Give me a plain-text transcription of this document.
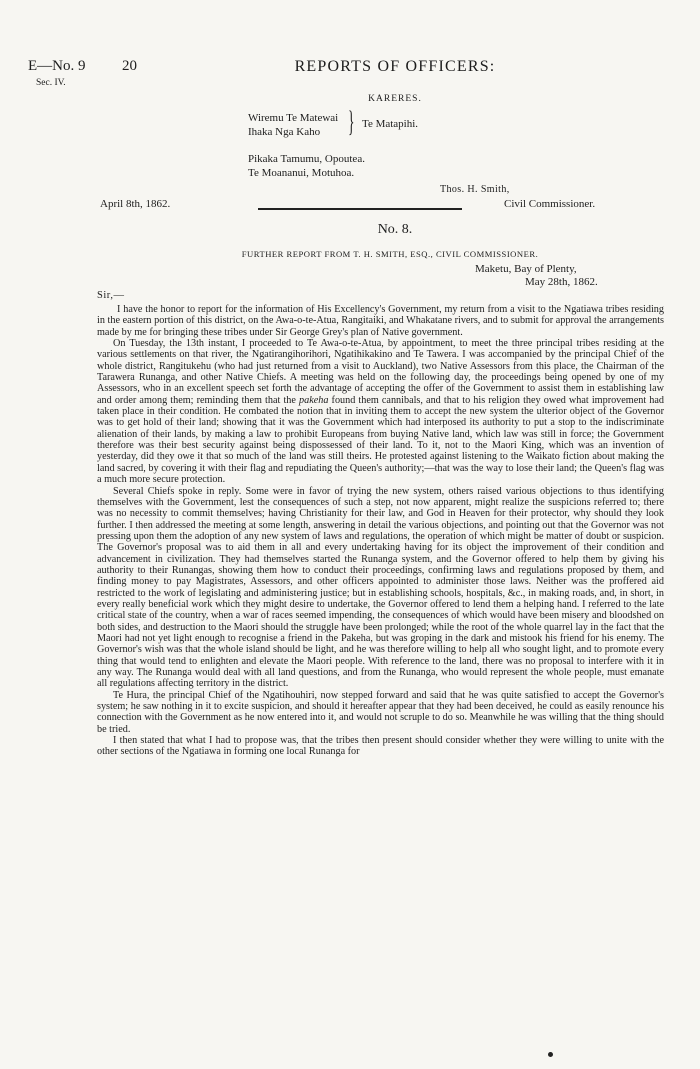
E—No. 9
Sec. IV.
20	REPORTS OF OFFICERS:
KARERES.
Wiremu Te Matewai
Ihaka Nga Kaho } Te Matapihi.
Pikaka Tamumu, Opoutea.
Te Moananui, Motuhoa.
Thos. H. Smith,
Civil Commissioner.
April 8th, 1862.
No. 8.
FURTHER REPORT FROM T. H. SMITH, ESQ., CIVIL COMMISSIONER.
Maketu, Bay of Plenty,
May 28th, 1862.
Sir,—

I have the honor to report for the information of His Excellency's Government, my return from a visit to the Ngatiawa tribes residing in the eastern portion of this district, on the Awa-o-te-Atua, Rangitaiki, and Whakatane rivers, and to submit for approval the arrangements made by me for bringing these tribes under Sir George Grey's plan of Native government.

On Tuesday, the 13th instant, I proceeded to Te Awa-o-te-Atua, by appointment, to meet the three principal tribes residing at the various settlements on that river, the Ngatirangihorihori, Ngatihikakino and Te Tawera. I was accompanied by the principal Chief of the whole district, Rangitukehu (who had just returned from a visit to Auckland), two Native Assessors from this place, the Chairman of the Tarawera Runanga, and other Native Chiefs. A meeting was held on the following day, the proceedings being opened by one of my Assessors, who in an excellent speech set forth the advantage of accepting the offer of the Government to assist them in establishing law and order among them; reminding them that the pakeha found them cannibals, and that to his religion they owed what improvement had taken place in their condition. He combated the notion that in inviting them to accept the new system the ulterior object of the Governor was to get hold of their land; showing that it was the Government which had interposed its authority to put a stop to the indiscriminate alienation of their lands, by making a law to prohibit Europeans from buying Native land, which law was still in force; the Government therefore was their best security against being dispossessed of their land. To it, not to the Maori King, which was an invention of yesterday, did they owe it that so much of the land was still theirs. He protested against listening to the Waikato fiction about making the land sacred, by covering it with their flag and repudiating the Queen's authority;—that was the way to lose their land; the Queen's flag was a much more secure protection.

Several Chiefs spoke in reply. Some were in favor of trying the new system, others raised various objections to thus identifying themselves with the Government, lest the consequences of such a step, not now apparent, might realize the suspicions referred to; there was no necessity to commit themselves; having Christianity for their law, and God in Heaven for their protector, why should they look further. I then addressed the meeting at some length, answering in detail the various objections, and pointing out that the Governor was not pressing upon them the adoption of any new system of laws and regulations, the operation of which might be matter of doubt or suspicion. The Governor's proposal was to aid them in all and every undertaking having for its object the improvement of their condition and advancement in civilization. They had themselves started the Runanga system, and the Governor offered to help them by giving his authority to their Runangas, showing them how to conduct their proceedings, confirming laws and regulations proposed by them, and finding money to pay Magistrates, Assessors, and other officers appointed to administer those laws. Neither was the proffered aid restricted to the work of legislating and administering justice; but in establishing schools, hospitals, &c., in making roads, and, in short, in every really beneficial work which they might desire to undertake, the Governor offered to lend them a helping hand. I referred to the late critical state of the country, when a war of races seemed impending, the consequences of which would have been misery and bloodshed on both sides, and destruction to the Maori should the struggle have been prolonged; while the root of the whole quarrel lay in the fact that the Maori had not yet light enough to recognise a friend in the Pakeha, but was groping in the dark and mistook his friend for his enemy. The Governor's wish was that the whole island should be light, and he was therefore willing to help all who sought light, and to promote every thing that would tend to enlighten and elevate the Maori people. With reference to the land, there was no proposal to interfere with it in any way. The Runanga would deal with all land questions, and from the Runanga, who would represent the whole people, must emanate all regulations affecting territory in the district.

Te Hura, the principal Chief of the Ngatihouhiri, now stepped forward and said that he was quite satisfied to accept the Governor's system; he saw nothing in it to excite suspicion, and should it hereafter appear that they had been deceived, he could as easily renounce his connection with the Government as he now entered into it, and would not scruple to do so. Meanwhile he was willing that the thing should be tried.

I then stated that what I had to propose was, that the tribes then present should consider whether they were willing to unite with the other sections of the Ngatiawa in forming one local Runanga for
